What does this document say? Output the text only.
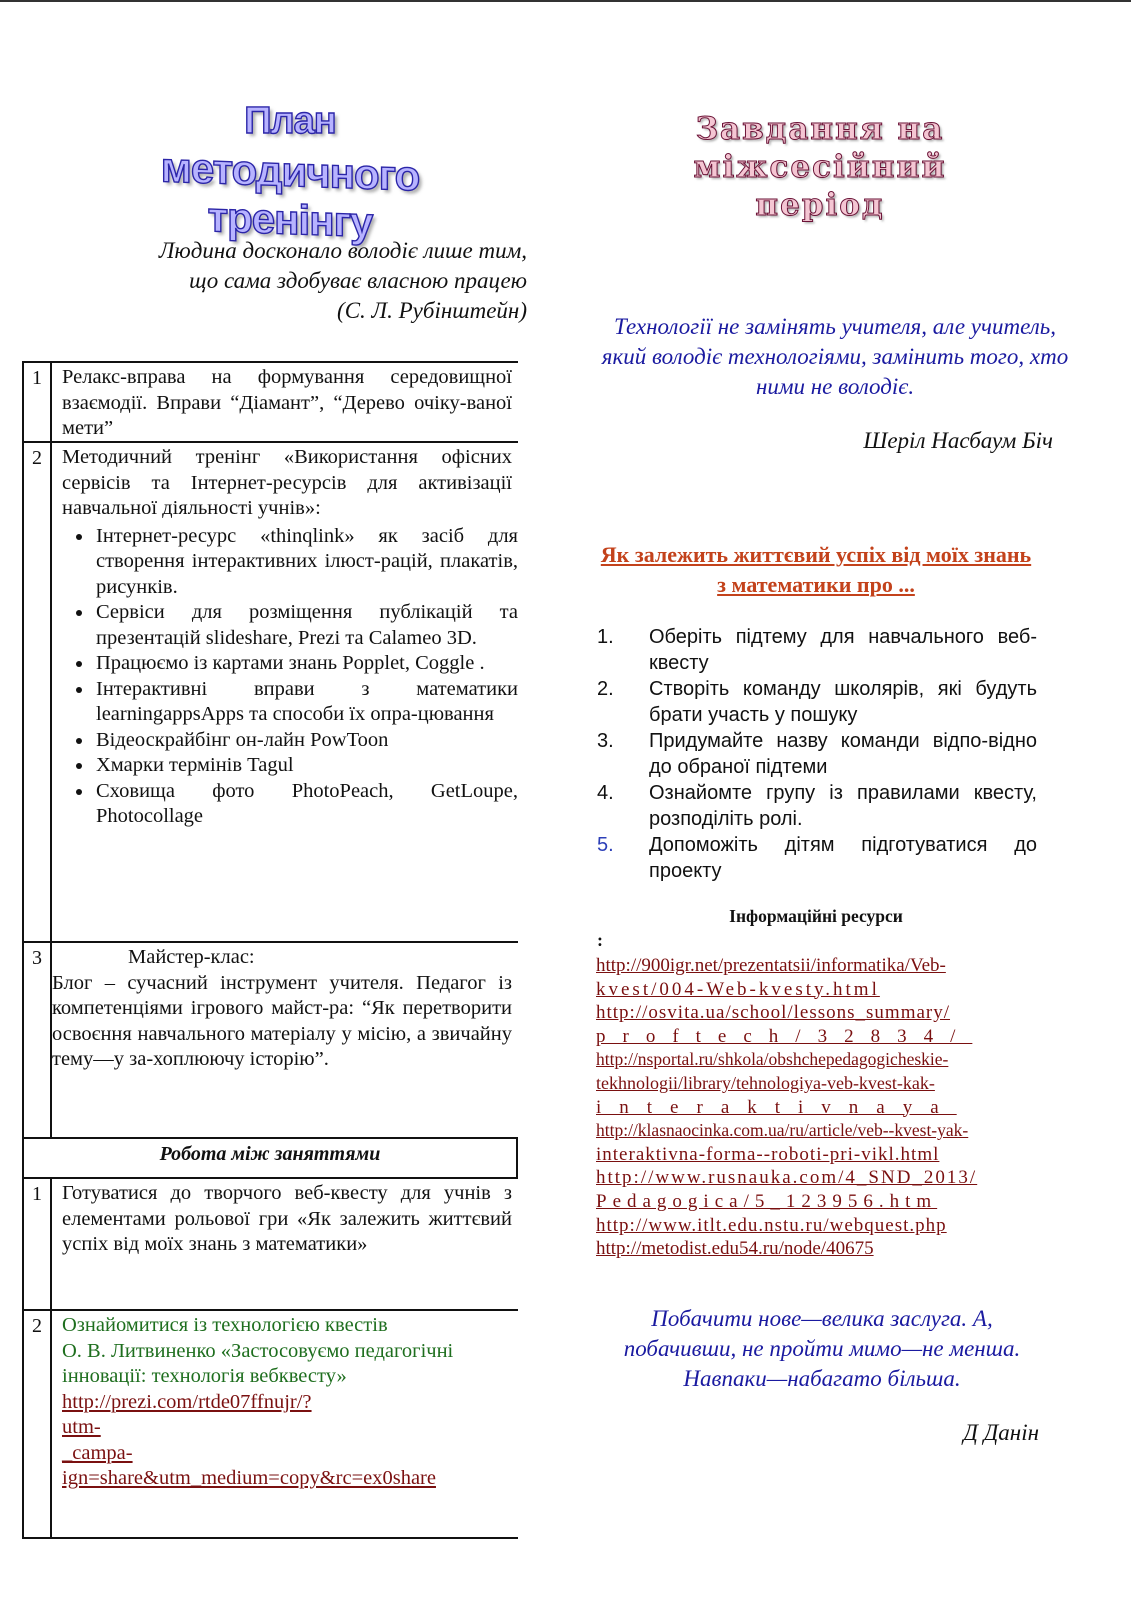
План
методичного тренінгу
Людина досконало володіє лише тим,
що сама здобуває власною працею
(С. Л. Рубінштейн)
1 Релакс-вправа на формування середовищної взаємодії. Вправи “Діамант”, “Дерево очіку-ваної мети”
2 Методичний тренінг «Використання офісних сервісів та Інтернет-ресурсів для активізації навчальної діяльності учнів»:
• Інтернет-ресурс «thinqlink» як засіб для створення інтерактивних ілюст-рацій, плакатів, рисунків.
• Сервіси для розміщення публікацій та презентацій slideshare, Prezi та Calameo 3D.
• Працюємо із картами знань Popplet, Coggle .
• Інтерактивні вправи з математики learningappsApps та способи їх опра-цювання
• Відеоскрайбінг он-лайн PowToon
• Хмарки термінів Tagul
• Сховища фото PhotoPeach, GetLoupe, Photocollage
3	Майстер-клас:
Блог – сучасний інструмент учителя. Педагог із компетенціями ігрового майст-ра: “Як перетворити освоєння навчального матеріалу у місію, а звичайну тему—у за-хоплюючу історію”.
Робота між заняттями
1 Готуватися до творчого веб-квесту для учнів з елементами рольової гри «Як залежить життєвий успіх від моїх знань з математики»
2 Ознайомитися із технологією квестів
О. В. Литвиненко «Застосовуємо педагогічні інновації: технологія вебквесту»
http://prezi.com/rtde07ffnujr/?
utm-
_campa-
ign=share&utm_medium=copy&rc=ex0share
Завдання на
міжсесійний
період
Технології не замінять учителя, але учитель, який володіє технологіями, замінить того, хто ними не володіє.
Шеріл Насбаум Біч
Як залежить життєвий успіх від моїх знань з математики про ...
1.	Оберіть підтему для навчального веб-квесту
2.	Створіть команду школярів, які будуть брати участь у пошуку
3.	Придумайте назву команди відпо-відно до обраної підтеми
4.	Ознайомте групу із правилами квесту, розподіліть ролі.
5.	Допоможіть дітям підготуватися до проекту
Інформаційні ресурси
:
http://900igr.net/prezentatsii/informatika/Veb-
kvest/004-Web-kvesty.html
http://osvita.ua/school/lessons_summary/
proftech/32834/
http://nsportal.ru/shkola/obshchepedagogicheskie-
tekhnologii/library/tehnologiya-veb-kvest-kak-
interaktivnaya
http://klasnaocinka.com.ua/ru/article/veb--kvest-yak-
interaktivna-forma--roboti-pri-vikl.html
http://www.rusnauka.com/4_SND_2013/
Pedagogica/5_123956.htm
http://www.itlt.edu.nstu.ru/webquest.php
http://metodist.edu54.ru/node/40675
Побачити нове—велика заслуга. А, побачивши, не пройти мимо—не менша. Навпаки—набагато більша.
Д Данін
